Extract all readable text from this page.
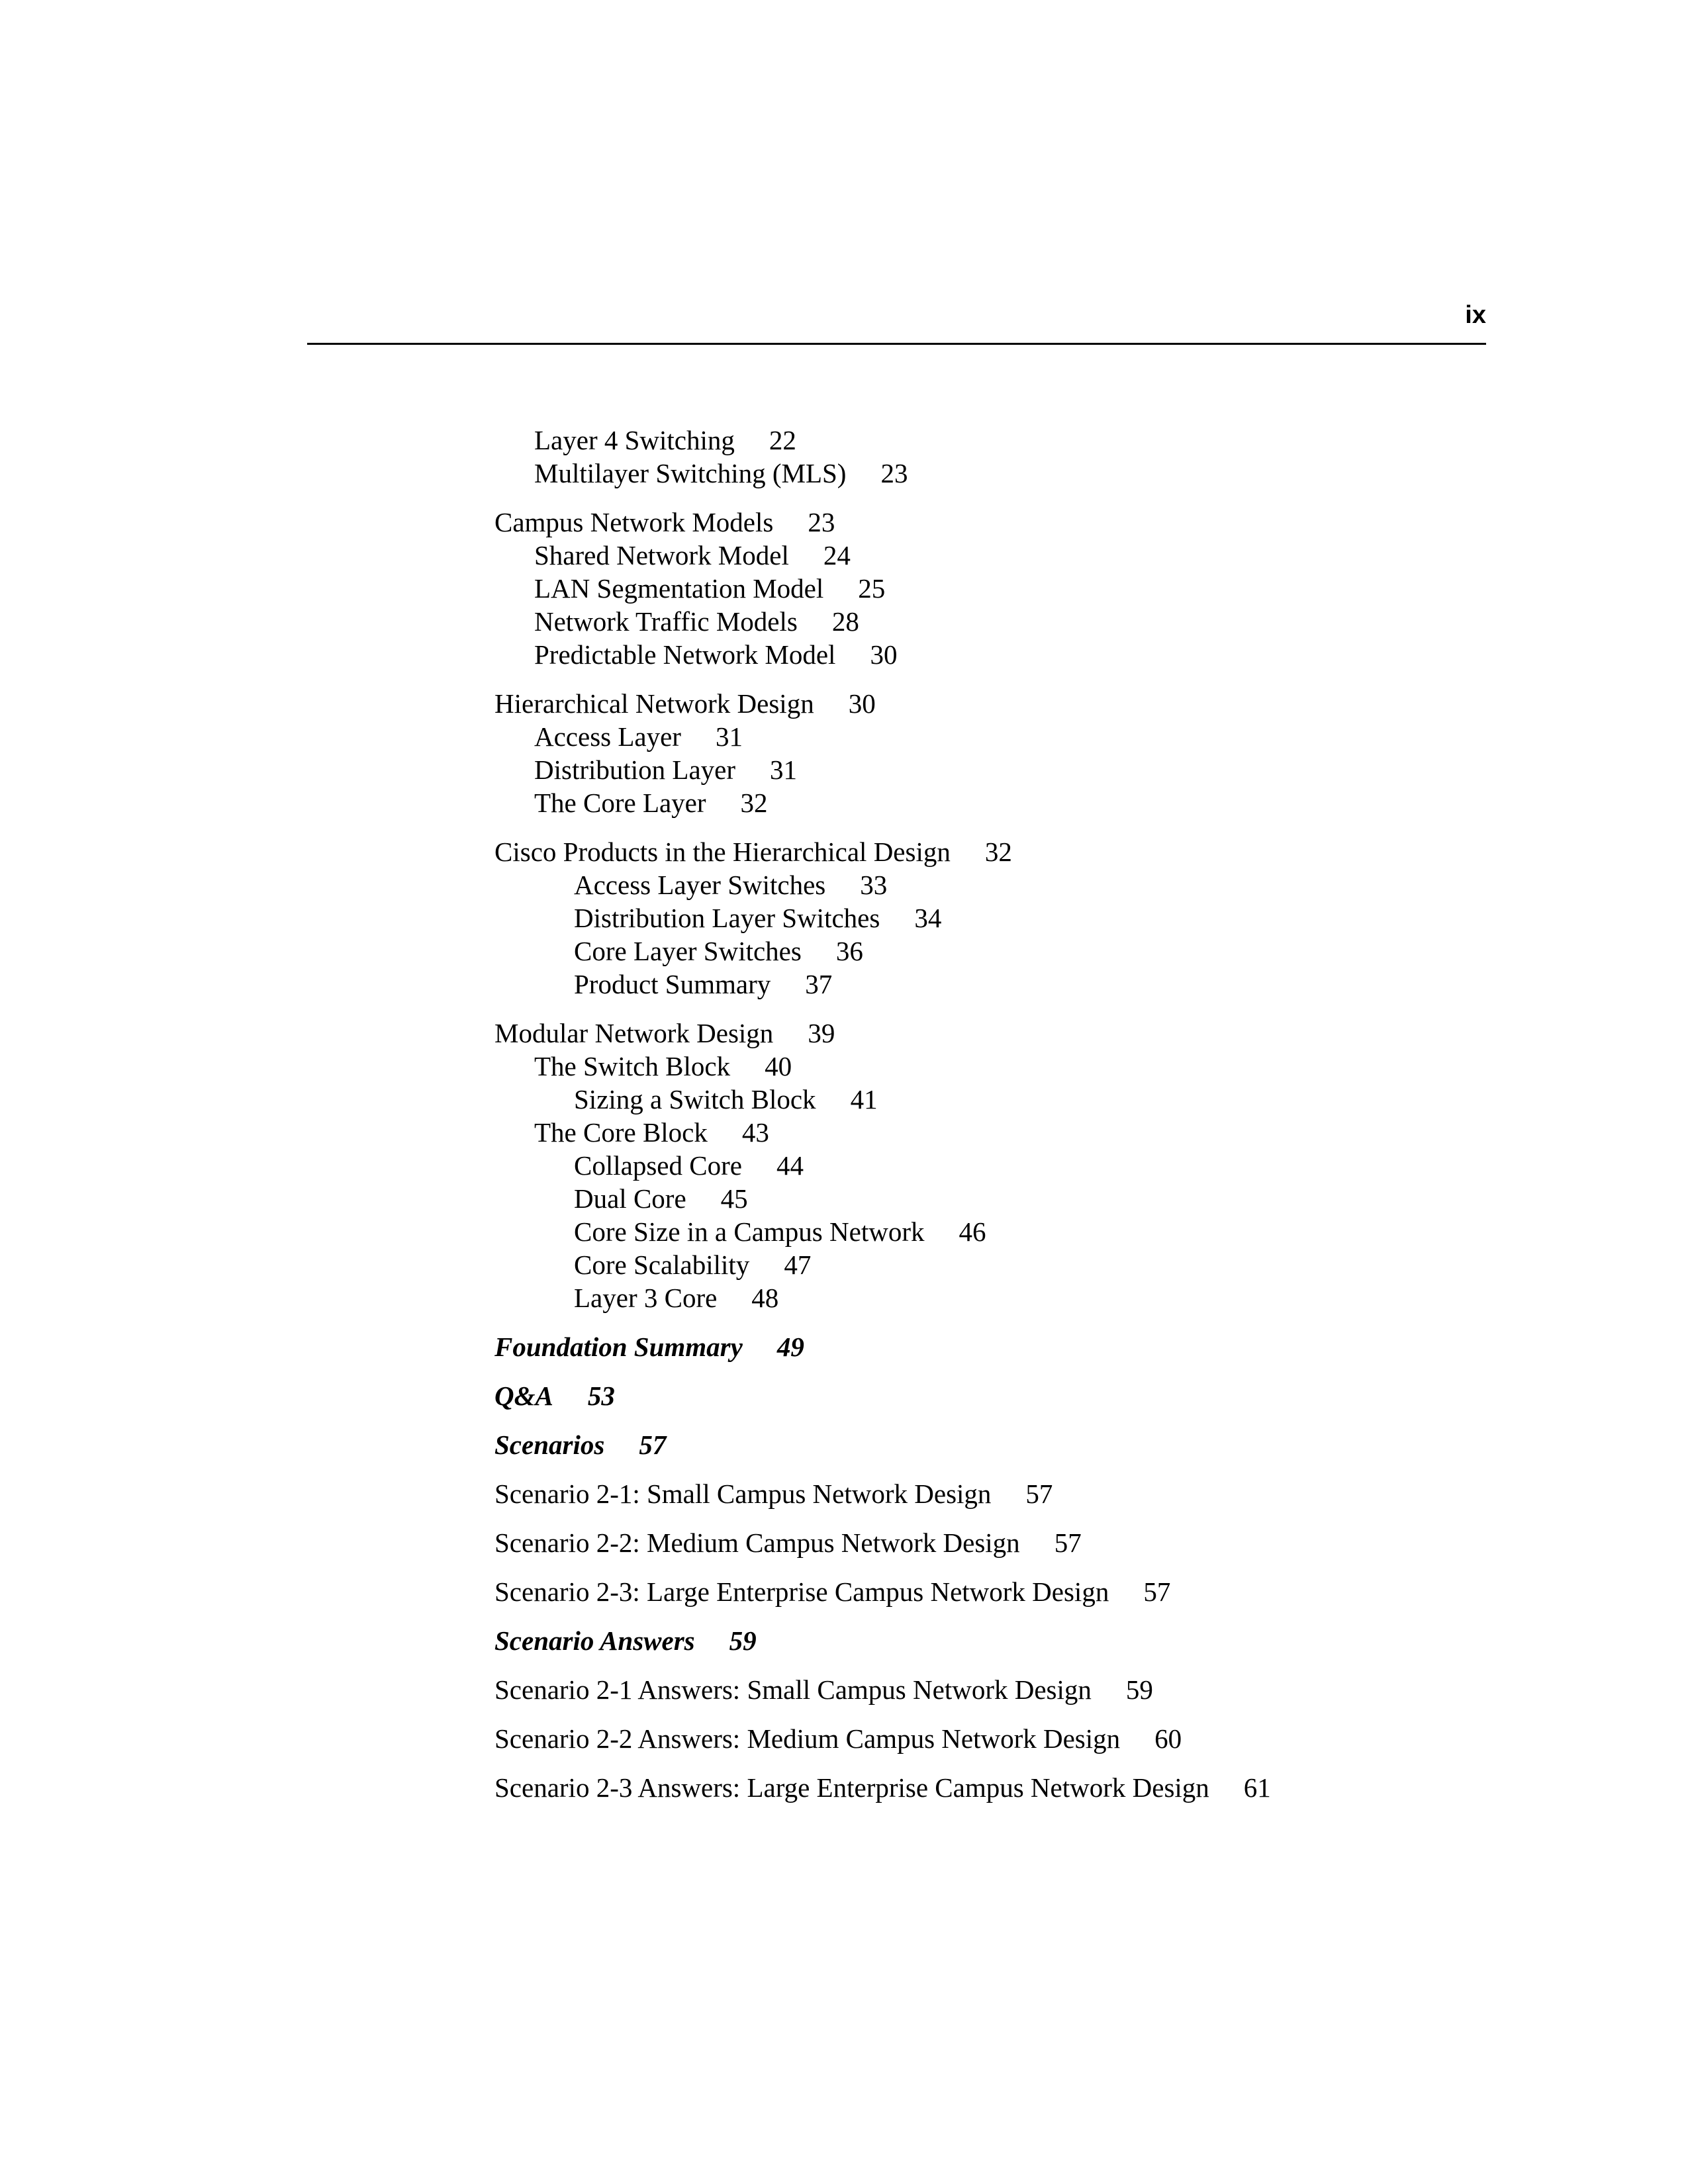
ix
Layer 4 Switching 22
Multilayer Switching (MLS) 23
Campus Network Models 23
Shared Network Model 24
LAN Segmentation Model 25
Network Traffic Models 28
Predictable Network Model 30
Hierarchical Network Design 30
Access Layer 31
Distribution Layer 31
The Core Layer 32
Cisco Products in the Hierarchical Design 32
Access Layer Switches 33
Distribution Layer Switches 34
Core Layer Switches 36
Product Summary 37
Modular Network Design 39
The Switch Block 40
Sizing a Switch Block 41
The Core Block 43
Collapsed Core 44
Dual Core 45
Core Size in a Campus Network 46
Core Scalability 47
Layer 3 Core 48
Foundation Summary 49
Q&A 53
Scenarios 57
Scenario 2-1: Small Campus Network Design 57
Scenario 2-2: Medium Campus Network Design 57
Scenario 2-3: Large Enterprise Campus Network Design 57
Scenario Answers 59
Scenario 2-1 Answers: Small Campus Network Design 59
Scenario 2-2 Answers: Medium Campus Network Design 60
Scenario 2-3 Answers: Large Enterprise Campus Network Design 61
